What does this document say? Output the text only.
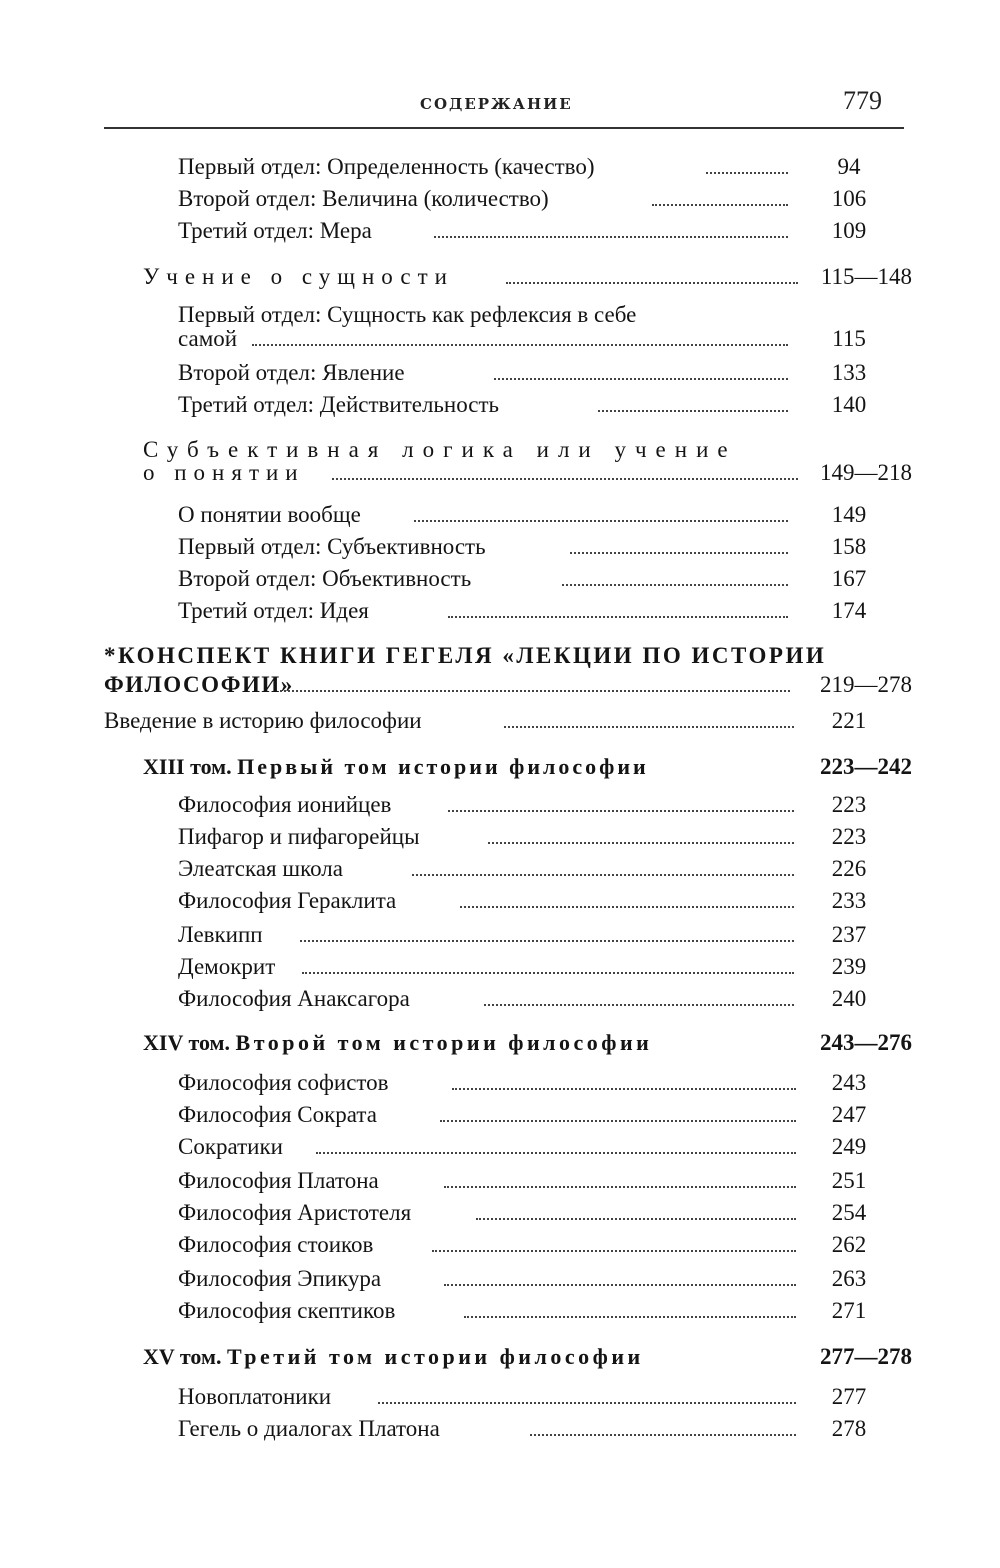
СОДЕРЖАНИЕ	779
Первый отдел: Определенность (качество)	94
Второй отдел: Величина (количество)	106
Третий отдел: Мера	109
Учение о сущности	115—148
Первый отдел: Сущность как рефлексия в себе
самой	115
Второй отдел: Явление	133
Третий отдел: Действительность	140
Субъективная логика или учение
о понятии	149—218
О понятии вообще	149
Первый отдел: Субъективность	158
Второй отдел: Объективность	167
Третий отдел: Идея	174
*КОНСПЕКТ КНИГИ ГЕГЕЛЯ «ЛЕКЦИИ ПО ИСТОРИИ
ФИЛОСОФИИ»	219—278
Введение в историю философии	221
XIII том. Первый том истории философии	223—242
Философия ионийцев	223
Пифагор и пифагорейцы	223
Элеатская школа	226
Философия Гераклита	233
Левкипп	237
Демокрит	239
Философия Анаксагора	240
XIV том. Второй том истории философии	243—276
Философия софистов	243
Философия Сократа	247
Сократики	249
Философия Платона	251
Философия Аристотеля	254
Философия стоиков	262
Философия Эпикура	263
Философия скептиков	271
XV том. Третий том истории философии	277—278
Новоплатоники	277
Гегель о диалогах Платона	278
